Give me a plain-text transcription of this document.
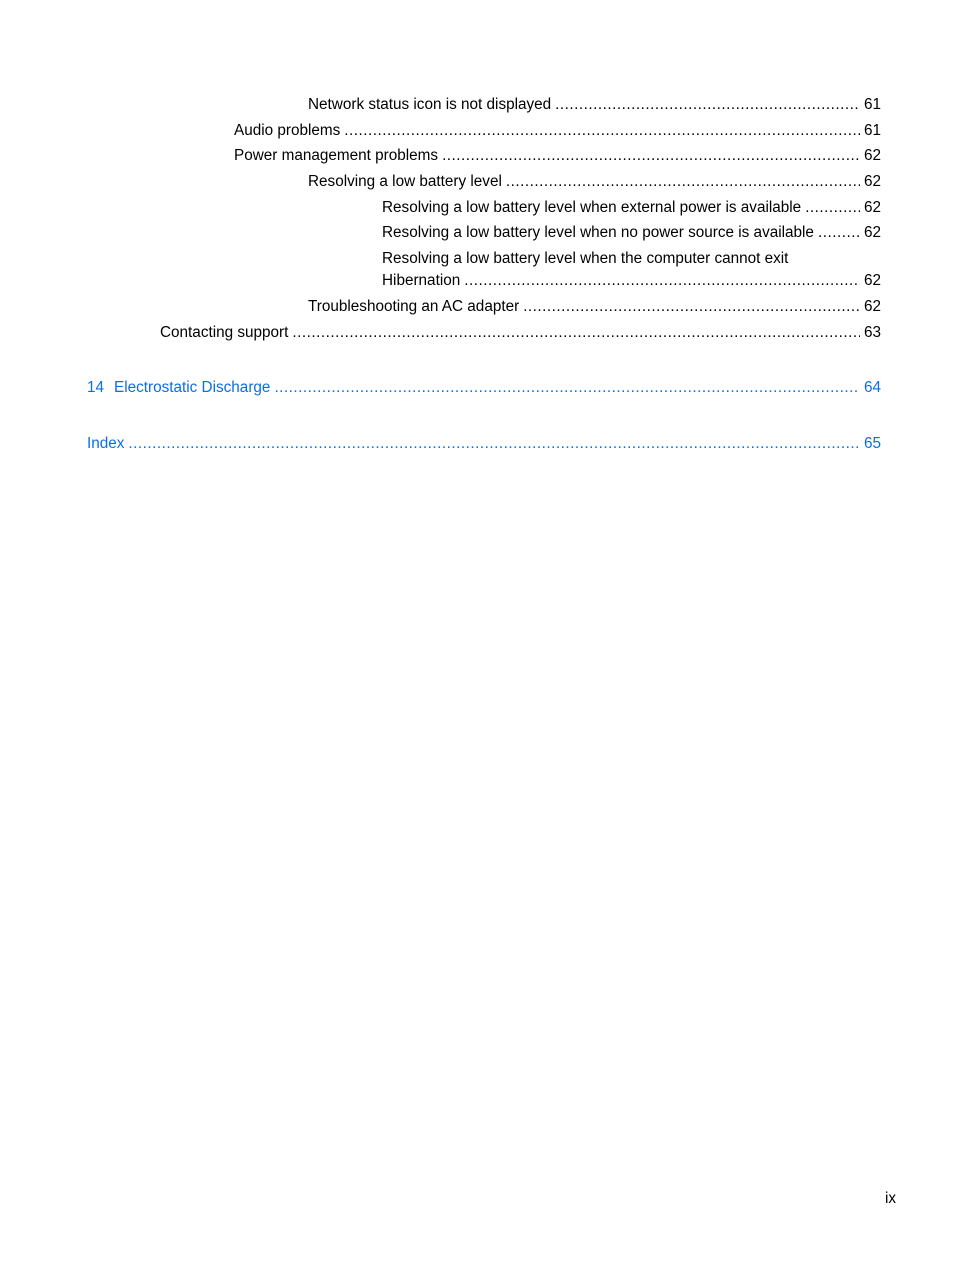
Network status icon is not displayed .....	61
Audio problems .....	61
Power management problems .....	62
Resolving a low battery level .....	62
Resolving a low battery level when external power is available .....	62
Resolving a low battery level when no power source is available .....	62
Resolving a low battery level when the computer cannot exit
Hibernation .....	62
Troubleshooting an AC adapter .....	62
Contacting support .....	63
14 Electrostatic Discharge .....	64
Index .....	65
ix
